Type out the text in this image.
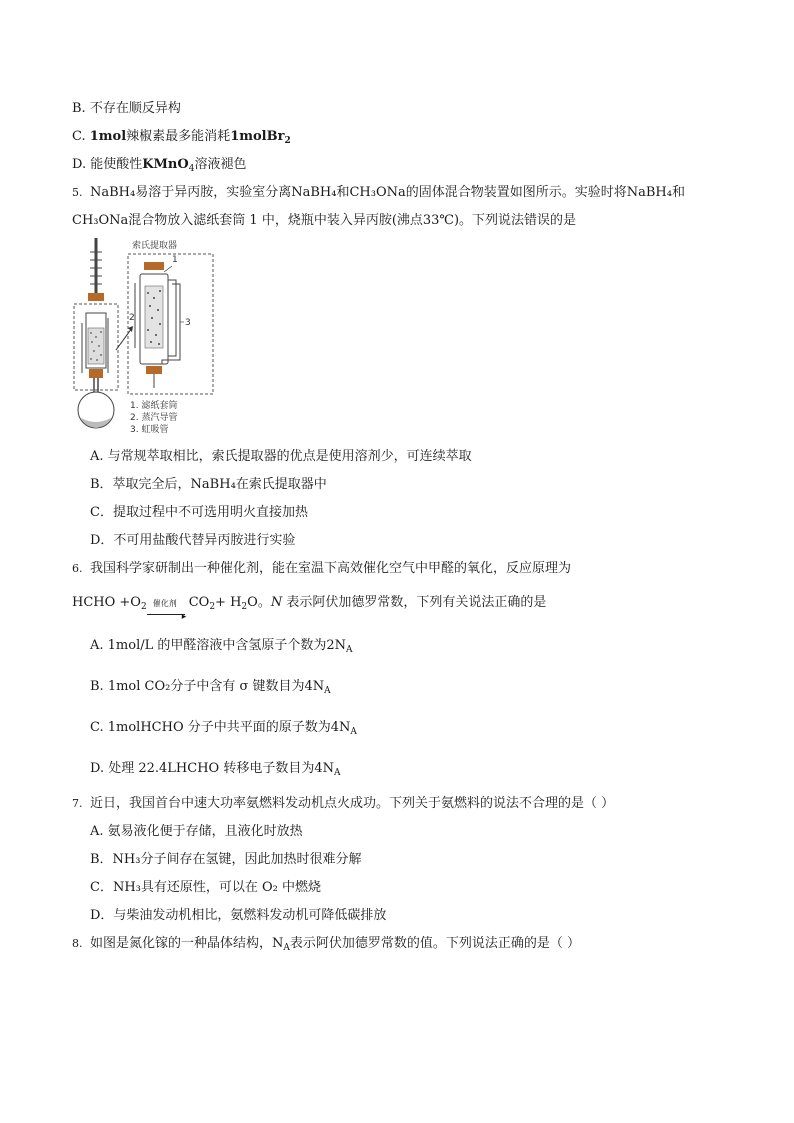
B. 不存在顺反异构
C. 1mol辣椒素最多能消耗1molBr$_2$
D. 能使酸性KMnO$_4$溶液褪色
5. NaBH₄易溶于异丙胺，实验室分离NaBH₄和CH₃ONa的固体混合物装置如图所示。实验时将NaBH₄和
CH₃ONa混合物放入滤纸套筒 1 中，烧瓶中装入异丙胺(沸点33℃)。下列说法错误的是
索氏提取器
1
2	3
1. 滤纸套筒
2. 蒸汽导管
3. 虹吸管
A. 与常规萃取相比，索氏提取器的优点是使用溶剂少，可连续萃取
B．萃取完全后，NaBH₄在索氏提取器中
C．提取过程中不可选用明火直接加热
D．不可用盐酸代替异丙胺进行实验
6. 我国科学家研制出一种催化剂，能在室温下高效催化空气中甲醛的氧化，反应原理为
HCHO $+O_2$ 催化剂
▸
$CO_2+ H_2O$。N 表示阿伏加德罗常数，下列有关说法正确的是
A. 1mol/L 的甲醛溶液中含氢原子个数为$2N_A$
B. 1mol CO₂分子中含有 σ 键数目为$4N_A$
C. 1molHCHO 分子中共平面的原子数为$4N_A$
D. 处理 22.4LHCHO 转移电子数目为$4N_A$
7. 近日，我国首台中速大功率氨燃料发动机点火成功。下列关于氨燃料的说法不合理的是（ ）
A. 氨易液化便于存储，且液化时放热
B．NH₃分子间存在氢键，因此加热时很难分解
C．NH₃具有还原性，可以在 O₂ 中燃烧
D．与柴油发动机相比，氨燃料发动机可降低碳排放
8. 如图是氮化镓的一种晶体结构，$N_A$表示阿伏加德罗常数的值。下列说法正确的是（ ）
